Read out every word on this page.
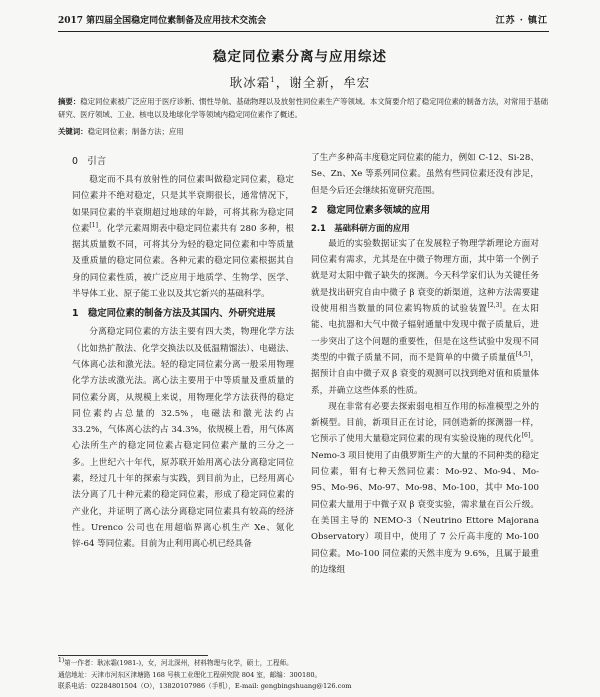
2017 第四届全国稳定同位素制备及应用技术交流会	江苏 · 镇江
稳定同位素分离与应用综述
耿冰霜$^1$，谢全新，牟宏
摘要：稳定同位素被广泛应用于医疗诊断、惯性导航、基础物理以及放射性同位素生产等领域。本文简要介绍了稳定同位素的制备方法，对常用于基础研究、医疗领域、工业、核电以及地球化学等领域内稳定同位素作了概述。
关键词：稳定同位素；制备方法；应用
0　引言

稳定而不具有放射性的同位素叫做稳定同位素，稳定同位素并不绝对稳定，只是其半衰期很长，通常情况下，如果同位素的半衰期超过地球的年龄，可将其称为稳定同位素[1]。化学元素周期表中稳定同位素共有 280 多种，根据其质量数不同，可将其分为轻的稳定同位素和中等质量及重质量的稳定同位素。各种元素的稳定同位素根据其自身的同位素性质，被广泛应用于地质学、生物学、医学、半导体工业、原子能工业以及其它新兴的基础科学。

1　稳定同位素的制备方法及其国内、外研究进展

分离稳定同位素的方法主要有四大类，物理化学方法（比如热扩散法、化学交换法以及低温精馏法）、电磁法、气体离心法和激光法。轻的稳定同位素分离一般采用物理化学方法或激光法。离心法主要用于中等质量及重质量的同位素分离，从规模上来说，用物理化学方法获得的稳定同位素约占总量的 32.5%，电磁法和激光法约占 33.2%，气体离心法约占 34.3%，依规模上看，用气体离心法所生产的稳定同位素占稳定同位素产量的三分之一多。上世纪六十年代，原苏联开始用离心法分离稳定同位素，经过几十年的探索与实践，到目前为止，已经用离心法分离了几十种元素的稳定同位素，形成了稳定同位素的产业化，并证明了离心法分离稳定同位素具有较高的经济性。Urenco 公司也在用超临界离心机生产 Xe、氪化锌-64 等同位素。目前为止利用离心机已经具备

了生产多种高丰度稳定同位素的能力，例如 C-12、Si-28、Se、Zn、Xe 等系列同位素。虽然有些同位素还没有涉足，但是今后还会继续拓宽研究范围。

2　稳定同位素多领域的应用
2.1　基础科研方面的应用

最近的实验数据证实了在发展粒子物理学新理论方面对同位素有需求，尤其是在中微子物理方面，其中第一个例子就是对太阳中微子缺失的探测。今天科学家们认为关键任务就是找出研究自由中微子 β 衰变的新渠道，这种方法需要建设使用相当数量的同位素钨物质的试验装置[2,3]。在太阳能、电抗器和大气中微子辐射通量中发现中微子质量后，进一步突出了这个问题的重要性，但是在这些试验中发现不同类型的中微子质量不同，而不是简单的中微子质量值[4,5]，据预计自由中微子双 β 衰变的观测可以找到绝对值和质量体系，并确立这些体系的性质。

现在非常有必要去探索弱电相互作用的标准模型之外的新模型。目前，新项目正在讨论，同创造新的探测器一样，它预示了使用大量稳定同位素的现有实验设施的现代化[6]。Nemo-3 项目使用了由俄罗斯生产的大量的不同种类的稳定同位素，钼有七种天然同位素：Mo-92、Mo-94、Mo-95、Mo-96、Mo-97、Mo-98、Mo-100，其中 Mo-100 同位素大量用于中微子双 β 衰变实验，需求量在百公斤级。在美国主导的 NEMO-3（Neutrino Ettore Majorana Observatory）项目中，使用了 7 公斤高丰度的 Mo-100 同位素。Mo-100 同位素的天然丰度为 9.6%，且属于最重的边缘组

$^{1)}$第一作者：耿冰霜(1981-)，女，河北深州，材料物理与化学，硕士，工程师。
通信地址：天津市河东区津塘路 168 号核工业理化工程研究院 804 室，邮编：300180。
联系电话：02284801504（O），13820107986（手机），E-mail: gengbingshuang@126.com
